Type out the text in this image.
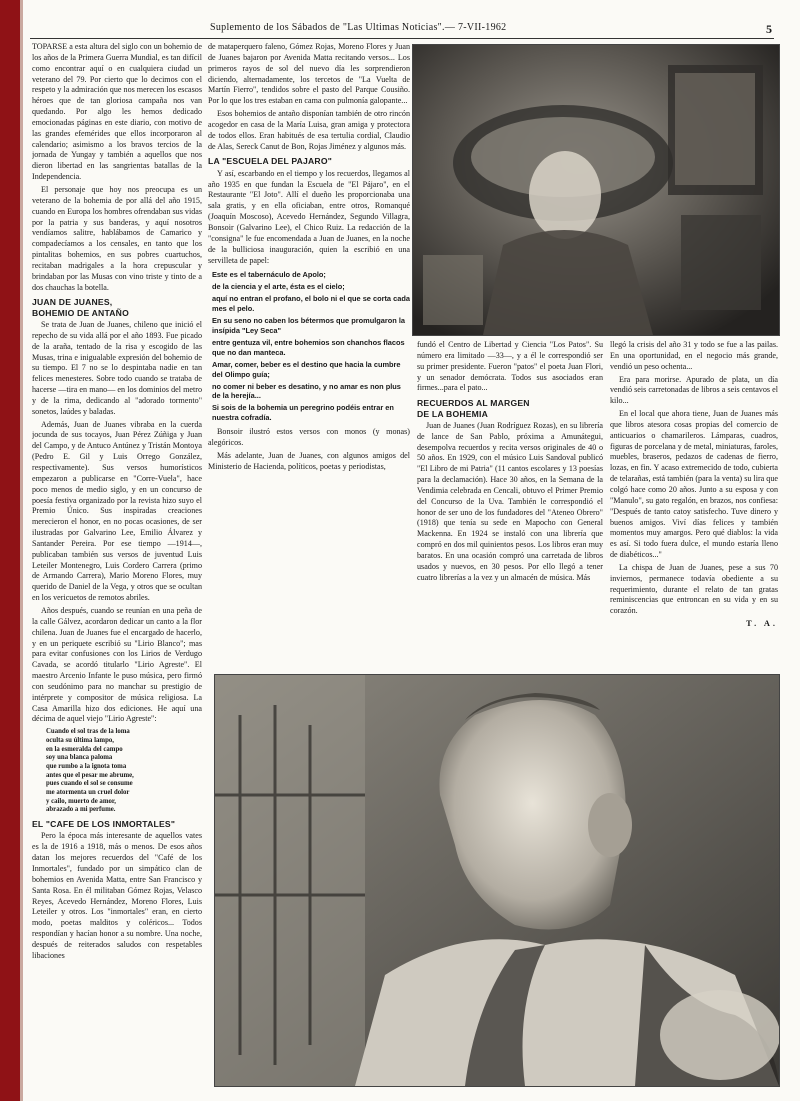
Suplemento de los Sábados de "Las Ultimas Noticias".— 7-VII-1962	5

TOPARSE a esta altura del siglo con un bohemio de los años de la Primera Guerra Mundial, es tan difícil como encontrar aquí o en cualquiera ciudad un veterano del 79. Por cierto que lo decimos con el respeto y la admiración que nos merecen los escasos héroes que de tan gloriosa campaña nos van quedando. Por algo les hemos dedicado emocionadas páginas en este diario, con motivo de las grandes efemérides que ellos incorporaron al calendario; asimismo a los bravos tercios de la jornada de Yungay y también a aquellos que nos dieron libertad en las sangrientas batallas de la Independencia.

El personaje que hoy nos preocupa es un veterano de la bohemia de por allá del año 1915, cuando en Europa los hombres ofrendaban sus vidas por la patria y sus banderas, y aquí nosotros vendíamos salitre, hablábamos de Camarico y compadecíamos a los censales, en tanto que los pintalitas bohemios, en sus pobres cuartuchos, recitaban madrigales a la hora crepuscular y brindaban por las Musas con vino triste y tinto de a dos chauchas la botella.

JUAN DE JUANES,
BOHEMIO DE ANTAÑO

Se trata de Juan de Juanes, chileno que inició el repecho de su vida allá por el año 1893. Fue picado de la araña, tentado de la risa y escogido de las Musas, trina e inigualable expresión del bohemio de su tiempo. El 7 no se lo despintaba nadie en tan felices menesteres. Sobre todo cuando se trataba de hacerse —tira en mano— en los dominios del metro y de la rima, dedicando al "adorado tormento" sonetos, laúdes y baladas.

Además, Juan de Juanes vibraba en la cuerda jocunda de sus tocayos, Juan Pérez Zúñiga y Juan del Campo, y de Antuco Antúnez y Tristán Montoya (Pedro E. Gil y Luis Orrego González, respectivamente). Sus versos humorísticos empezaron a publicarse en "Corre-Vuela", hace poco menos de medio siglo, y en un concurso de poesía festiva organizado por la revista hizo suyo el Premio Único. Sus inspiradas creaciones merecieron el honor, en no pocas ocasiones, de ser ilustradas por Galvarino Lee, Emilio Álvarez y Santander Pereira. Por ese tiempo —1914—, publicaban también sus versos de juventud Luis Leteiler Montenegro, Luis Cordero Carrera (primo de Armando Carrera), Mario Moreno Flores, muy querido de Daniel de la Vega, y otros que se ocultan en los vericuetos de remotos abriles.

Años después, cuando se reunían en una peña de la calle Gálvez, acordaron dedicar un canto a la flor chilena. Juan de Juanes fue el encargado de hacerlo, y en un periquete escribió su "Lirio Blanco"; mas para evitar confusiones con los Lirios de Verdugo Cavada, se acordó titularlo "Lirio Agreste". El maestro Arcenio Infante le puso música, pero firmó con seudónimo para no manchar su prestigio de intérprete y compositor de música religiosa. La Casa Amarilla hizo dos ediciones. He aquí una décima de aquel viejo "Lirio Agreste":

Cuando el sol tras de la loma
oculta su última lampo,
en la esmeralda del campo
soy una blanca paloma
que rumbo a la ignota toma
antes que el pesar me abrume,
pues cuando el sol se consume
me atormenta un cruel dolor
y cailo, muerto de amor,
abrazado a mi perfume.
EL "CAFE DE LOS INMORTALES"

Pero la época más interesante de aquellos vates es la de 1916 a 1918, más o menos. De esos años datan los mejores recuerdos del "Café de los Inmortales", fundado por un simpático clan de bohemios en Avenida Matta, entre San Francisco y Santa Rosa. En él militaban Gómez Rojas, Velasco Reyes, Acevedo Hernández, Moreno Flores, Luis Leteiler y otros. Los "inmortales" eran, en cierto modo, poetas malditos y coléricos... Todos respondían y hacían honor a su nombre. Una noche, después de reiterados saludos con respetables libaciones

de mataperquero faleno, Gómez Rojas, Moreno Flores y Juan de Juanes bajaron por Avenida Matta recitando versos... Los primeros rayos de sol del nuevo día les sorprendieron diciendo, alternadamente, los tercetos de "La Vuelta de Martín Fierro", tendidos sobre el pasto del Parque Cousiño. Por lo que los tres estaban en cama con pulmonía galopante...

Esos bohemios de antaño disponían también de otro rincón acogedor en casa de la María Luisa, gran amiga y protectora de todos ellos. Eran habitués de esa tertulia cordial, Claudio de Alas, Sereck Canut de Bon, Rojas Jiménez y algunos más.

LA "ESCUELA DEL PAJARO"

Y así, escarbando en el tiempo y los recuerdos, llegamos al año 1935 en que fundan la Escuela de "El Pájaro", en el Restaurante "El Joto". Allí el dueño les proporcionaba una sala gratis, y en ella oficiaban, entre otros, Romanqué (Joaquín Moscoso), Acevedo Hernández, Segundo Villagra, Bonsoir (Galvarino Lee), el Chico Ruiz. La redacción de la "consigna" le fue encomendada a Juan de Juanes, en la noche de la bulliciosa inauguración, quien la escribió en una servilleta de papel:

Este es el tabernáculo de Apolo;
de la ciencia y el arte, ésta es el cielo;
aquí no entran el profano, el bolo ni el que se corta cada mes el pelo.
En su seno no caben los bétermos que promulgaron la insípida "Ley Seca"
entre gentuza vil, entre bohemios son chanchos flacos que no dan manteca.
Amar, comer, beber es el destino que hacia la cumbre del Olimpo guía;
no comer ni beber es desatino, y no amar es non plus de la herejía...
Si sois de la bohemia un peregrino podéis entrar en nuestra cofradía.

Bonsoir ilustró estos versos con monos (y monas) alegóricos.

Más adelante, Juan de Juanes, con algunos amigos del Ministerio de Hacienda, políticos, poetas y periodistas,

fundó el Centro de Libertad y Ciencia "Los Patos". Su número era limitado —33—, y a él le correspondió ser su primer presidente. Fueron "patos" el poeta Juan Flori, y un senador demócrata. Todos sus asociados eran firmes...para el pato...

RECUERDOS AL MARGEN
DE LA BOHEMIA

Juan de Juanes (Juan Rodríguez Rozas), en su librería de lance de San Pablo, próxima a Amunátegui, desempolva recuerdos y recita versos originales de 40 o 50 años. En 1929, con el músico Luis Sandoval publicó "El Libro de mi Patria" (11 cantos escolares y 13 poesías para la declamación). Hace 30 años, en la Semana de la Vendimia celebrada en Cencali, obtuvo el Primer Premio del Concurso de la Uva. También le correspondió el honor de ser uno de los fundadores del "Ateneo Obrero" (1918) que tenía su sede en Mapocho con General Mackenna. En 1924 se instaló con una librería que compró en dos mil quinientos pesos. Los libros eran muy baratos. En una ocasión compró una carretada de libros usados y nuevos, en 30 pesos. Por ello llegó a tener cuatro librerías a la vez y un almacén de música. Más

llegó la crisis del año 31 y todo se fue a las pailas. En una oportunidad, en el negocio más grande, vendió un peso ochenta...

Era para morirse. Apurado de plata, un día vendió seis carretonadas de libros a seis centavos el kilo...

En el local que ahora tiene, Juan de Juanes más que libros atesora cosas propias del comercio de anticuarios o chamarileros. Lámparas, cuadros, figuras de porcelana y de metal, miniaturas, faroles, muebles, braseros, pedazos de cadenas de fierro, lozas, en fin. Y acaso extremecido de todo, cubierta de telarañas, está también (para la venta) su lira que colgó hace como 20 años. Junto a su esposa y con "Manulo", su gato regalón, en brazos, nos confiesa: "Después de tanto catoy satisfecho. Tuve dinero y buenos amigos. Viví días felices y también momentos muy amargos. Pero qué diablos: la vida es así. Si todo fuera dulce, el mundo estaría lleno de diabéticos..."

La chispa de Juan de Juanes, pese a sus 70 inviernos, permanece todavía obediente a su requerimiento, durante el relato de tan gratas reminiscencias que entroncan en su vida y en su corazón.

T. A.
